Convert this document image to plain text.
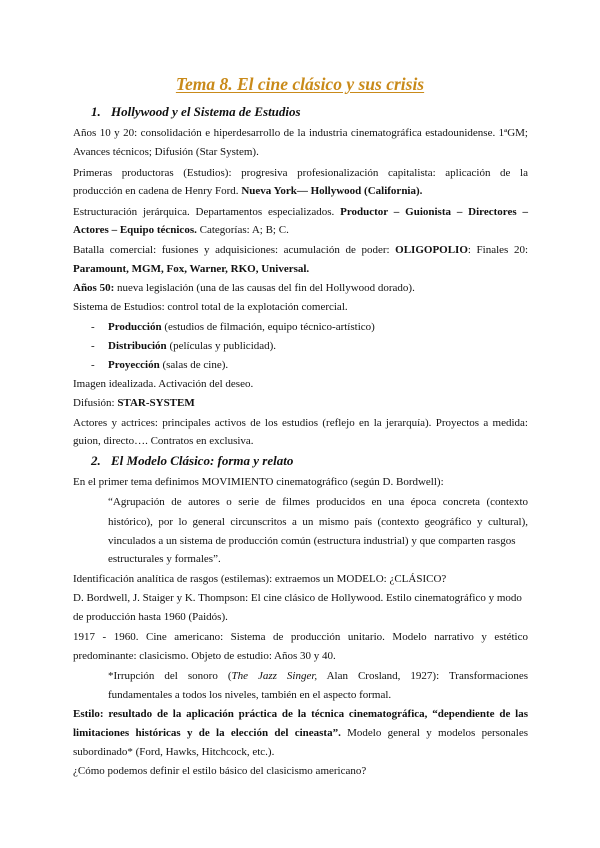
Tema 8. El cine clásico y sus crisis
1. Hollywood y el Sistema de Estudios
Años 10 y 20: consolidación e hiperdesarrollo de la industria cinematográfica estadounidense. 1ªGM;
Avances técnicos; Difusión (Star System).
Primeras productoras (Estudios): progresiva profesionalización capitalista: aplicación de la
producción en cadena de Henry Ford. Nueva York— Hollywood (California).
Estructuración jerárquica. Departamentos especializados. Productor – Guionista – Directores –
Actores – Equipo técnicos. Categorías: A; B; C.
Batalla comercial: fusiones y adquisiciones: acumulación de poder: OLIGOPOLIO: Finales 20:
Paramount, MGM, Fox, Warner, RKO, Universal.
Años 50: nueva legislación (una de las causas del fin del Hollywood dorado).
Sistema de Estudios: control total de la explotación comercial.
- Producción (estudios de filmación, equipo técnico-artístico)
- Distribución (películas y publicidad).
- Proyección (salas de cine).
Imagen idealizada. Activación del deseo.
Difusión: STAR-SYSTEM
Actores y actrices: principales activos de los estudios (reflejo en la jerarquía). Proyectos a medida:
guion, directo…. Contratos en exclusiva.
2. El Modelo Clásico: forma y relato
En el primer tema definimos MOVIMIENTO cinematográfico (según D. Bordwell):
“Agrupación de autores o serie de filmes producidos en una época concreta (contexto
histórico), por lo general circunscritos a un mismo país (contexto geográfico y cultural),
vinculados a un sistema de producción común (estructura industrial) y que comparten rasgos
estructurales y formales”.
Identificación analítica de rasgos (estilemas): extraemos un MODELO: ¿CLÁSICO?
D. Bordwell, J. Staiger y K. Thompson: El cine clásico de Hollywood. Estilo cinematográfico y modo
de producción hasta 1960 (Paidós).
1917 - 1960. Cine americano: Sistema de producción unitario. Modelo narrativo y estético
predominante: clasicismo. Objeto de estudio: Años 30 y 40.
*Irrupción del sonoro (The Jazz Singer, Alan Crosland, 1927): Transformaciones
fundamentales a todos los niveles, también en el aspecto formal.
Estilo: resultado de la aplicación práctica de la técnica cinematográfica, “dependiente de las
limitaciones históricas y de la elección del cineasta”. Modelo general y modelos personales
subordinado* (Ford, Hawks, Hitchcock, etc.).
¿Cómo podemos definir el estilo básico del clasicismo americano?
